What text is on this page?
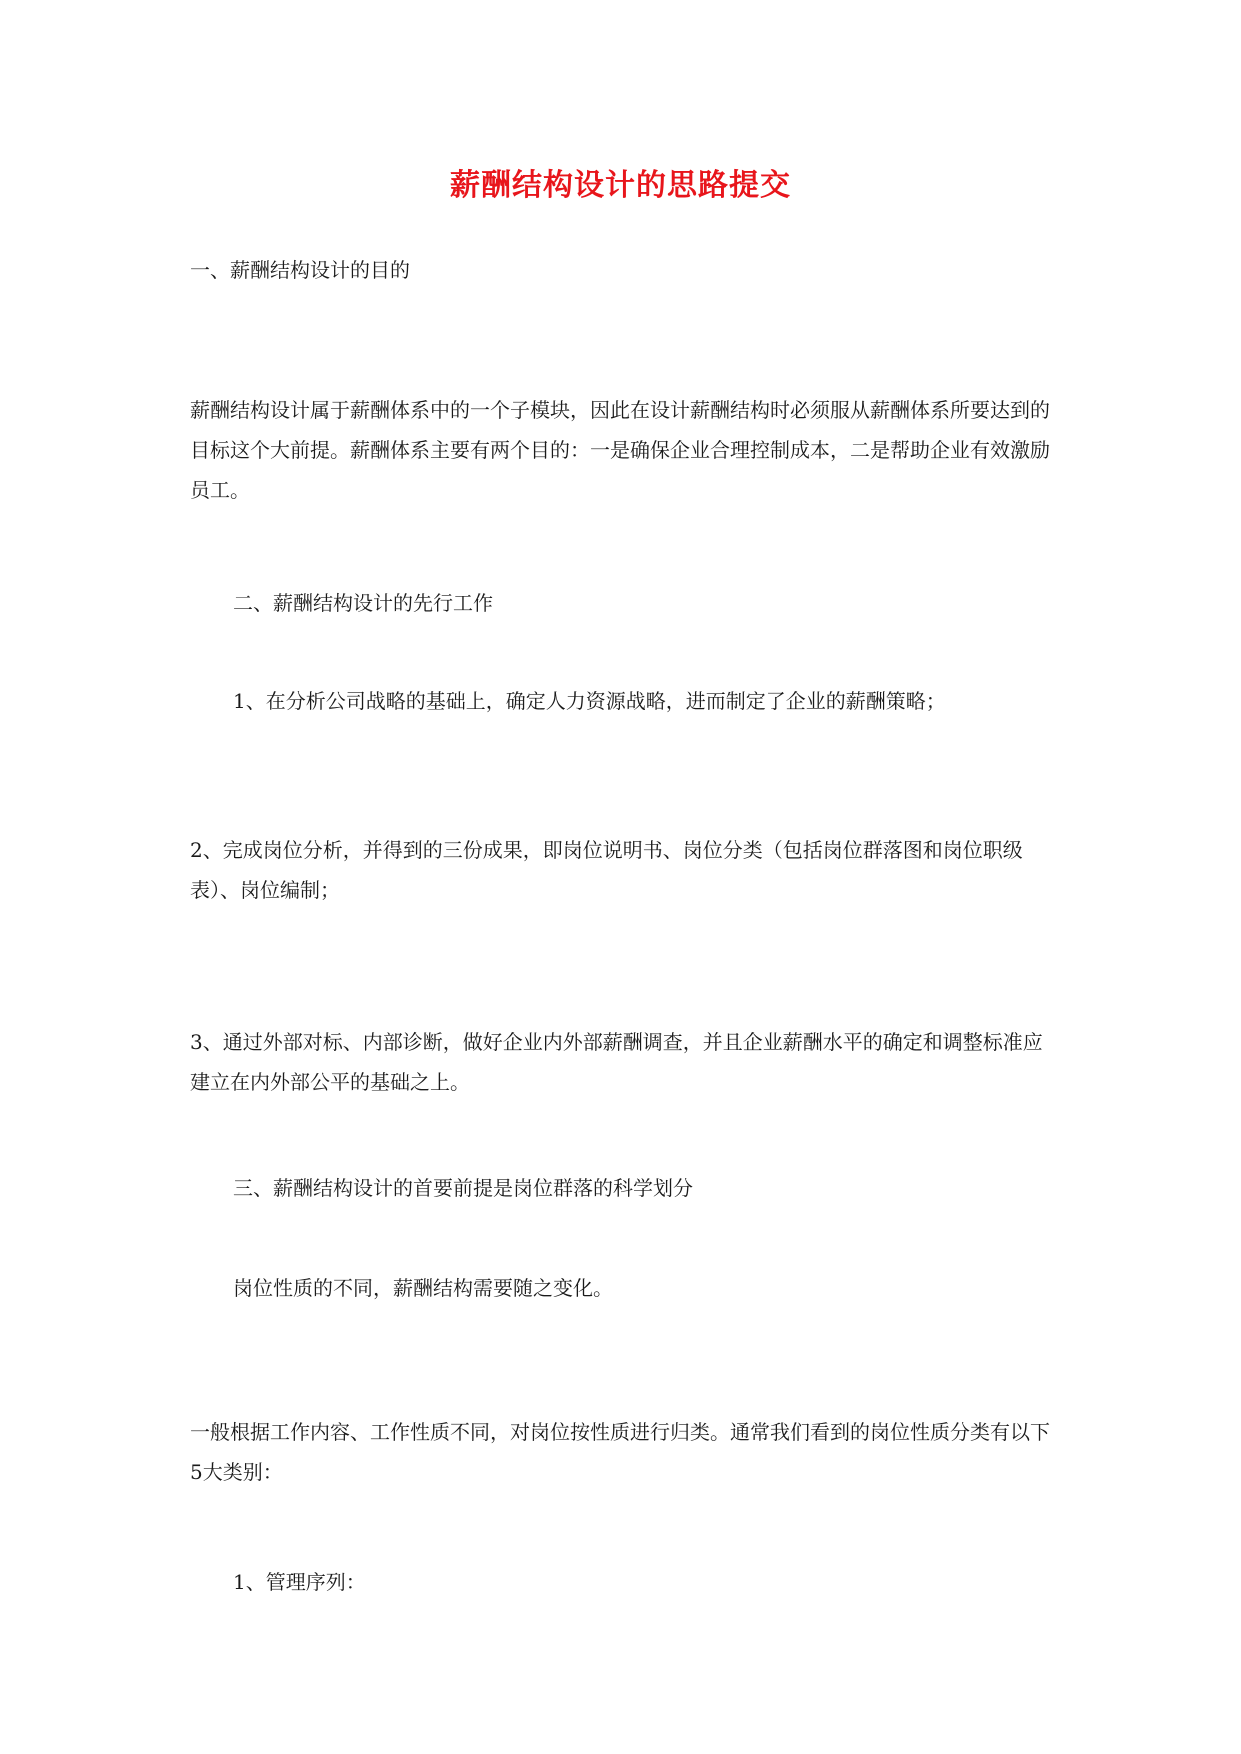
薪酬结构设计的思路提交
一、薪酬结构设计的目的
薪酬结构设计属于薪酬体系中的一个子模块，因此在设计薪酬结构时必须服从薪酬体系所要达到的目标这个大前提。薪酬体系主要有两个目的：一是确保企业合理控制成本，二是帮助企业有效激励员工。
二、薪酬结构设计的先行工作
1、在分析公司战略的基础上，确定人力资源战略，进而制定了企业的薪酬策略；
2、完成岗位分析，并得到的三份成果，即岗位说明书、岗位分类（包括岗位群落图和岗位职级表）、岗位编制；
3、通过外部对标、内部诊断，做好企业内外部薪酬调查，并且企业薪酬水平的确定和调整标准应建立在内外部公平的基础之上。
三、薪酬结构设计的首要前提是岗位群落的科学划分
岗位性质的不同，薪酬结构需要随之变化。
一般根据工作内容、工作性质不同，对岗位按性质进行归类。通常我们看到的岗位性质分类有以下5大类别：
1、管理序列：
